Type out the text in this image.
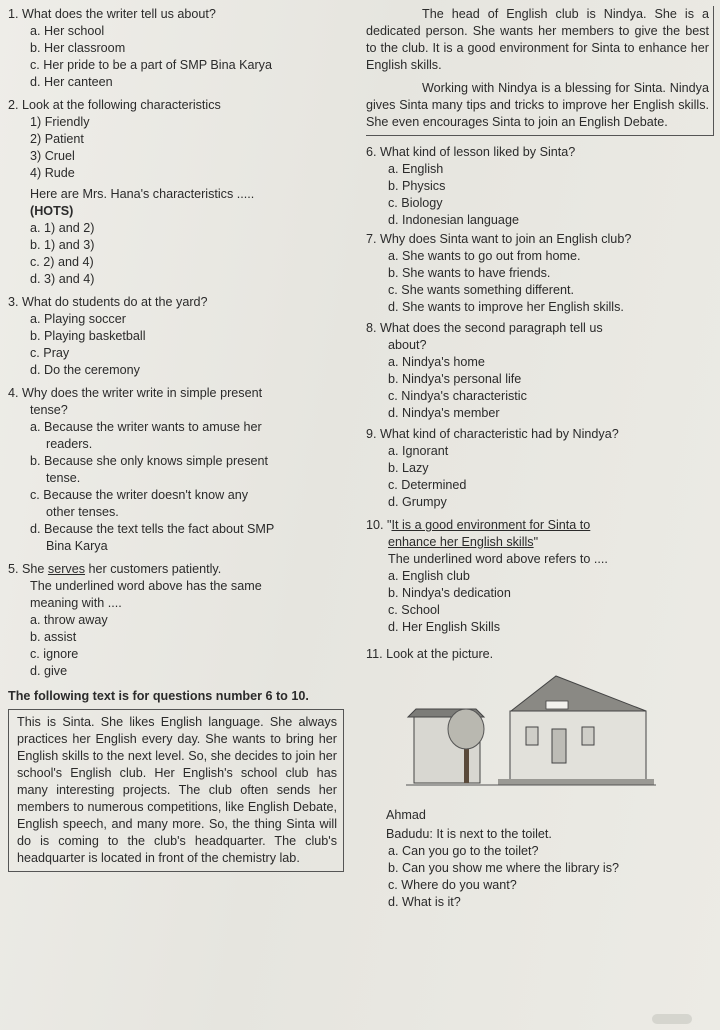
1. What does the writer tell us about?

a. Her school

b. Her classroom

c. Her pride to be a part of SMP Bina Karya

d. Her canteen

2. Look at the following characteristics

1) Friendly

2) Patient

3) Cruel

4) Rude

Here are Mrs. Hana's characteristics .....

(HOTS)

a. 1) and 2)

b. 1) and 3)

c. 2) and 4)

d. 3) and 4)

3. What do students do at the yard?

a. Playing soccer

b. Playing basketball

c. Pray

d. Do the ceremony

4. Why does the writer write in simple present

tense?

a. Because the writer wants to amuse her

readers.

b. Because she only knows simple present

tense.

c. Because the writer doesn't know any

other tenses.

d. Because the text tells the fact about SMP

Bina Karya

5. She serves her customers patiently.

The underlined word above has the same

meaning with ....

a. throw away

b. assist

c. ignore

d. give

The following text is for questions number 6 to 10.

This is Sinta. She likes English language. She always practices her English every day. She wants to bring her English skills to the next level. So, she decides to join her school's English club. Her English's school club has many interesting projects. The club often sends her members to numerous competitions, like English Debate, English speech, and many more. So, the thing Sinta will do is coming to the club's headquarter. The club's headquarter is located in front of the chemistry lab.

The head of English club is Nindya. She is a dedicated person. She wants her members to give the best to the club. It is a good environment for Sinta to enhance her English skills.

Working with Nindya is a blessing for Sinta. Nindya gives Sinta many tips and tricks to improve her English skills. She even encourages Sinta to join an English Debate.

6. What kind of lesson liked by Sinta?

a. English

b. Physics

c. Biology

d. Indonesian language

7. Why does Sinta want to join an English club?

a. She wants to go out from home.

b. She wants to have friends.

c. She wants something different.

d. She wants to improve her English skills.

8. What does the second paragraph tell us

about?

a. Nindya's home

b. Nindya's personal life

c. Nindya's characteristic

d. Nindya's member

9. What kind of characteristic had by Nindya?

a. Ignorant

b. Lazy

c. Determined

d. Grumpy

10. "It is a good environment for Sinta to

enhance her English skills"

The underlined word above refers to ....

a. English club

b. Nindya's dedication

c. School

d. Her English Skills

11. Look at the picture.

Ahmad

Badudu: It is next to the toilet.

a. Can you go to the toilet?

b. Can you show me where the library is?

c. Where do you want?

d. What is it?
